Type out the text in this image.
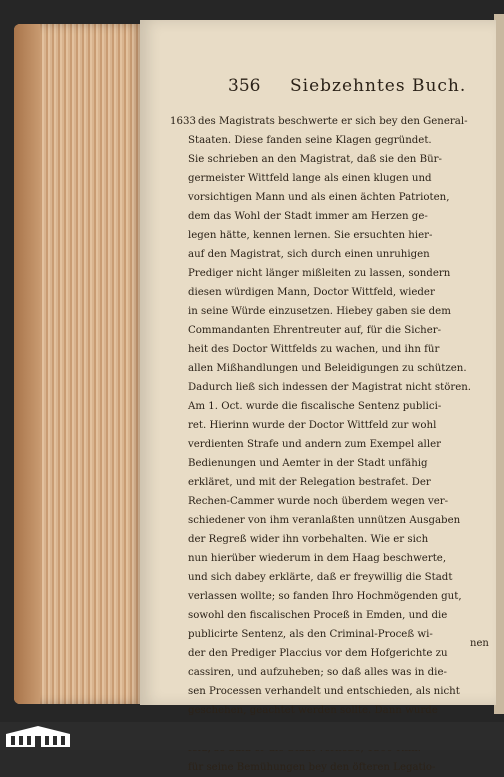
356 Siebzehntes Buch.
1633 des Magistrats beschwerte er sich bey den General-
Staaten. Diese fanden seine Klagen gegründet.
Sie schrieben an den Magistrat, daß sie den Bür-
germeister Wittfeld lange als einen klugen und
vorsichtigen Mann und als einen ächten Patrioten,
dem das Wohl der Stadt immer am Herzen ge-
legen hätte, kennen lernen. Sie ersuchten hier-
auf den Magistrat, sich durch einen unruhigen
Prediger nicht länger mißleiten zu lassen, sondern
diesen würdigen Mann, Doctor Wittfeld, wieder
in seine Würde einzusetzen. Hiebey gaben sie dem
Commandanten Ehrentreuter auf, für die Sicher-
heit des Doctor Wittfelds zu wachen, und ihn für
allen Mißhandlungen und Beleidigungen zu schützen.
Dadurch ließ sich indessen der Magistrat nicht stören.
Am 1. Oct. wurde die fiscalische Sentenz publici-
ret. Hierinn wurde der Doctor Wittfeld zur wohl
verdienten Strafe und andern zum Exempel aller
Bedienungen und Aemter in der Stadt unfähig
erkläret, und mit der Relegation bestrafet. Der
Rechen-Cammer wurde noch überdem wegen ver-
schiedener von ihm veranlaßten unnützen Ausgaben
der Regreß wider ihn vorbehalten. Wie er sich
nun hierüber wiederum in dem Haag beschwerte,
und sich dabey erklärte, daß er freywillig die Stadt
verlassen wollte; so fanden Ihro Hochmögenden gut,
sowohl den fiscalischen Proceß in Emden, und die
publicirte Sentenz, als den Criminal-Proceß wi-
der den Prediger Placcius vor dem Hofgerichte zu
cassiren, und aufzuheben; so daß alles was in die-
sen Processen verhandelt und entschieden, als nicht
geschehen, geachtet werden sollte. Dann wurde
für seine Bemühungen bey den öfteren Legatio-
nen
